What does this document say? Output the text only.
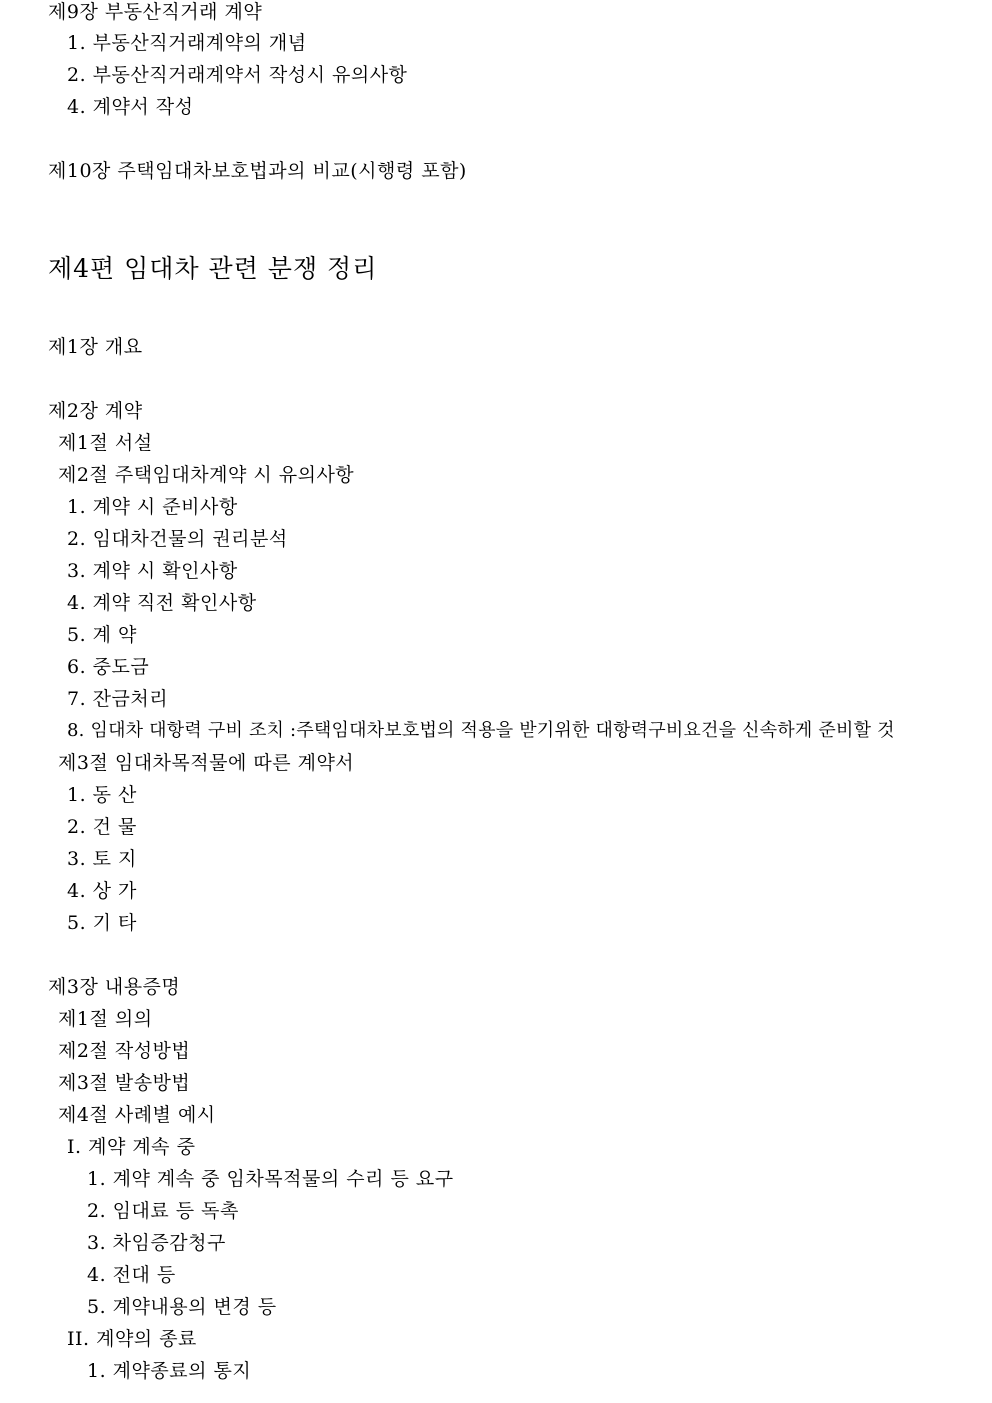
제9장 부동산직거래 계약
1. 부동산직거래계약의 개념
2. 부동산직거래계약서 작성시 유의사항
4. 계약서 작성
제10장 주택임대차보호법과의 비교(시행령 포함)
제4편 임대차 관련 분쟁 정리
제1장 개요
제2장 계약
제1절 서설
제2절 주택임대차계약 시 유의사항
1. 계약 시 준비사항
2. 임대차건물의 권리분석
3. 계약 시 확인사항
4. 계약 직전 확인사항
5. 계 약
6. 중도금
7. 잔금처리
8. 임대차 대항력 구비 조치 :주택임대차보호법의 적용을 받기위한 대항력구비요건을 신속하게 준비할 것
제3절 임대차목적물에 따른 계약서
1. 동 산
2. 건 물
3. 토 지
4. 상 가
5. 기 타
제3장 내용증명
제1절 의의
제2절 작성방법
제3절 발송방법
제4절 사례별 예시
I. 계약 계속 중
1. 계약 계속 중 임차목적물의 수리 등 요구
2. 임대료 등 독촉
3. 차임증감청구
4. 전대 등
5. 계약내용의 변경 등
II. 계약의 종료
1. 계약종료의 통지
